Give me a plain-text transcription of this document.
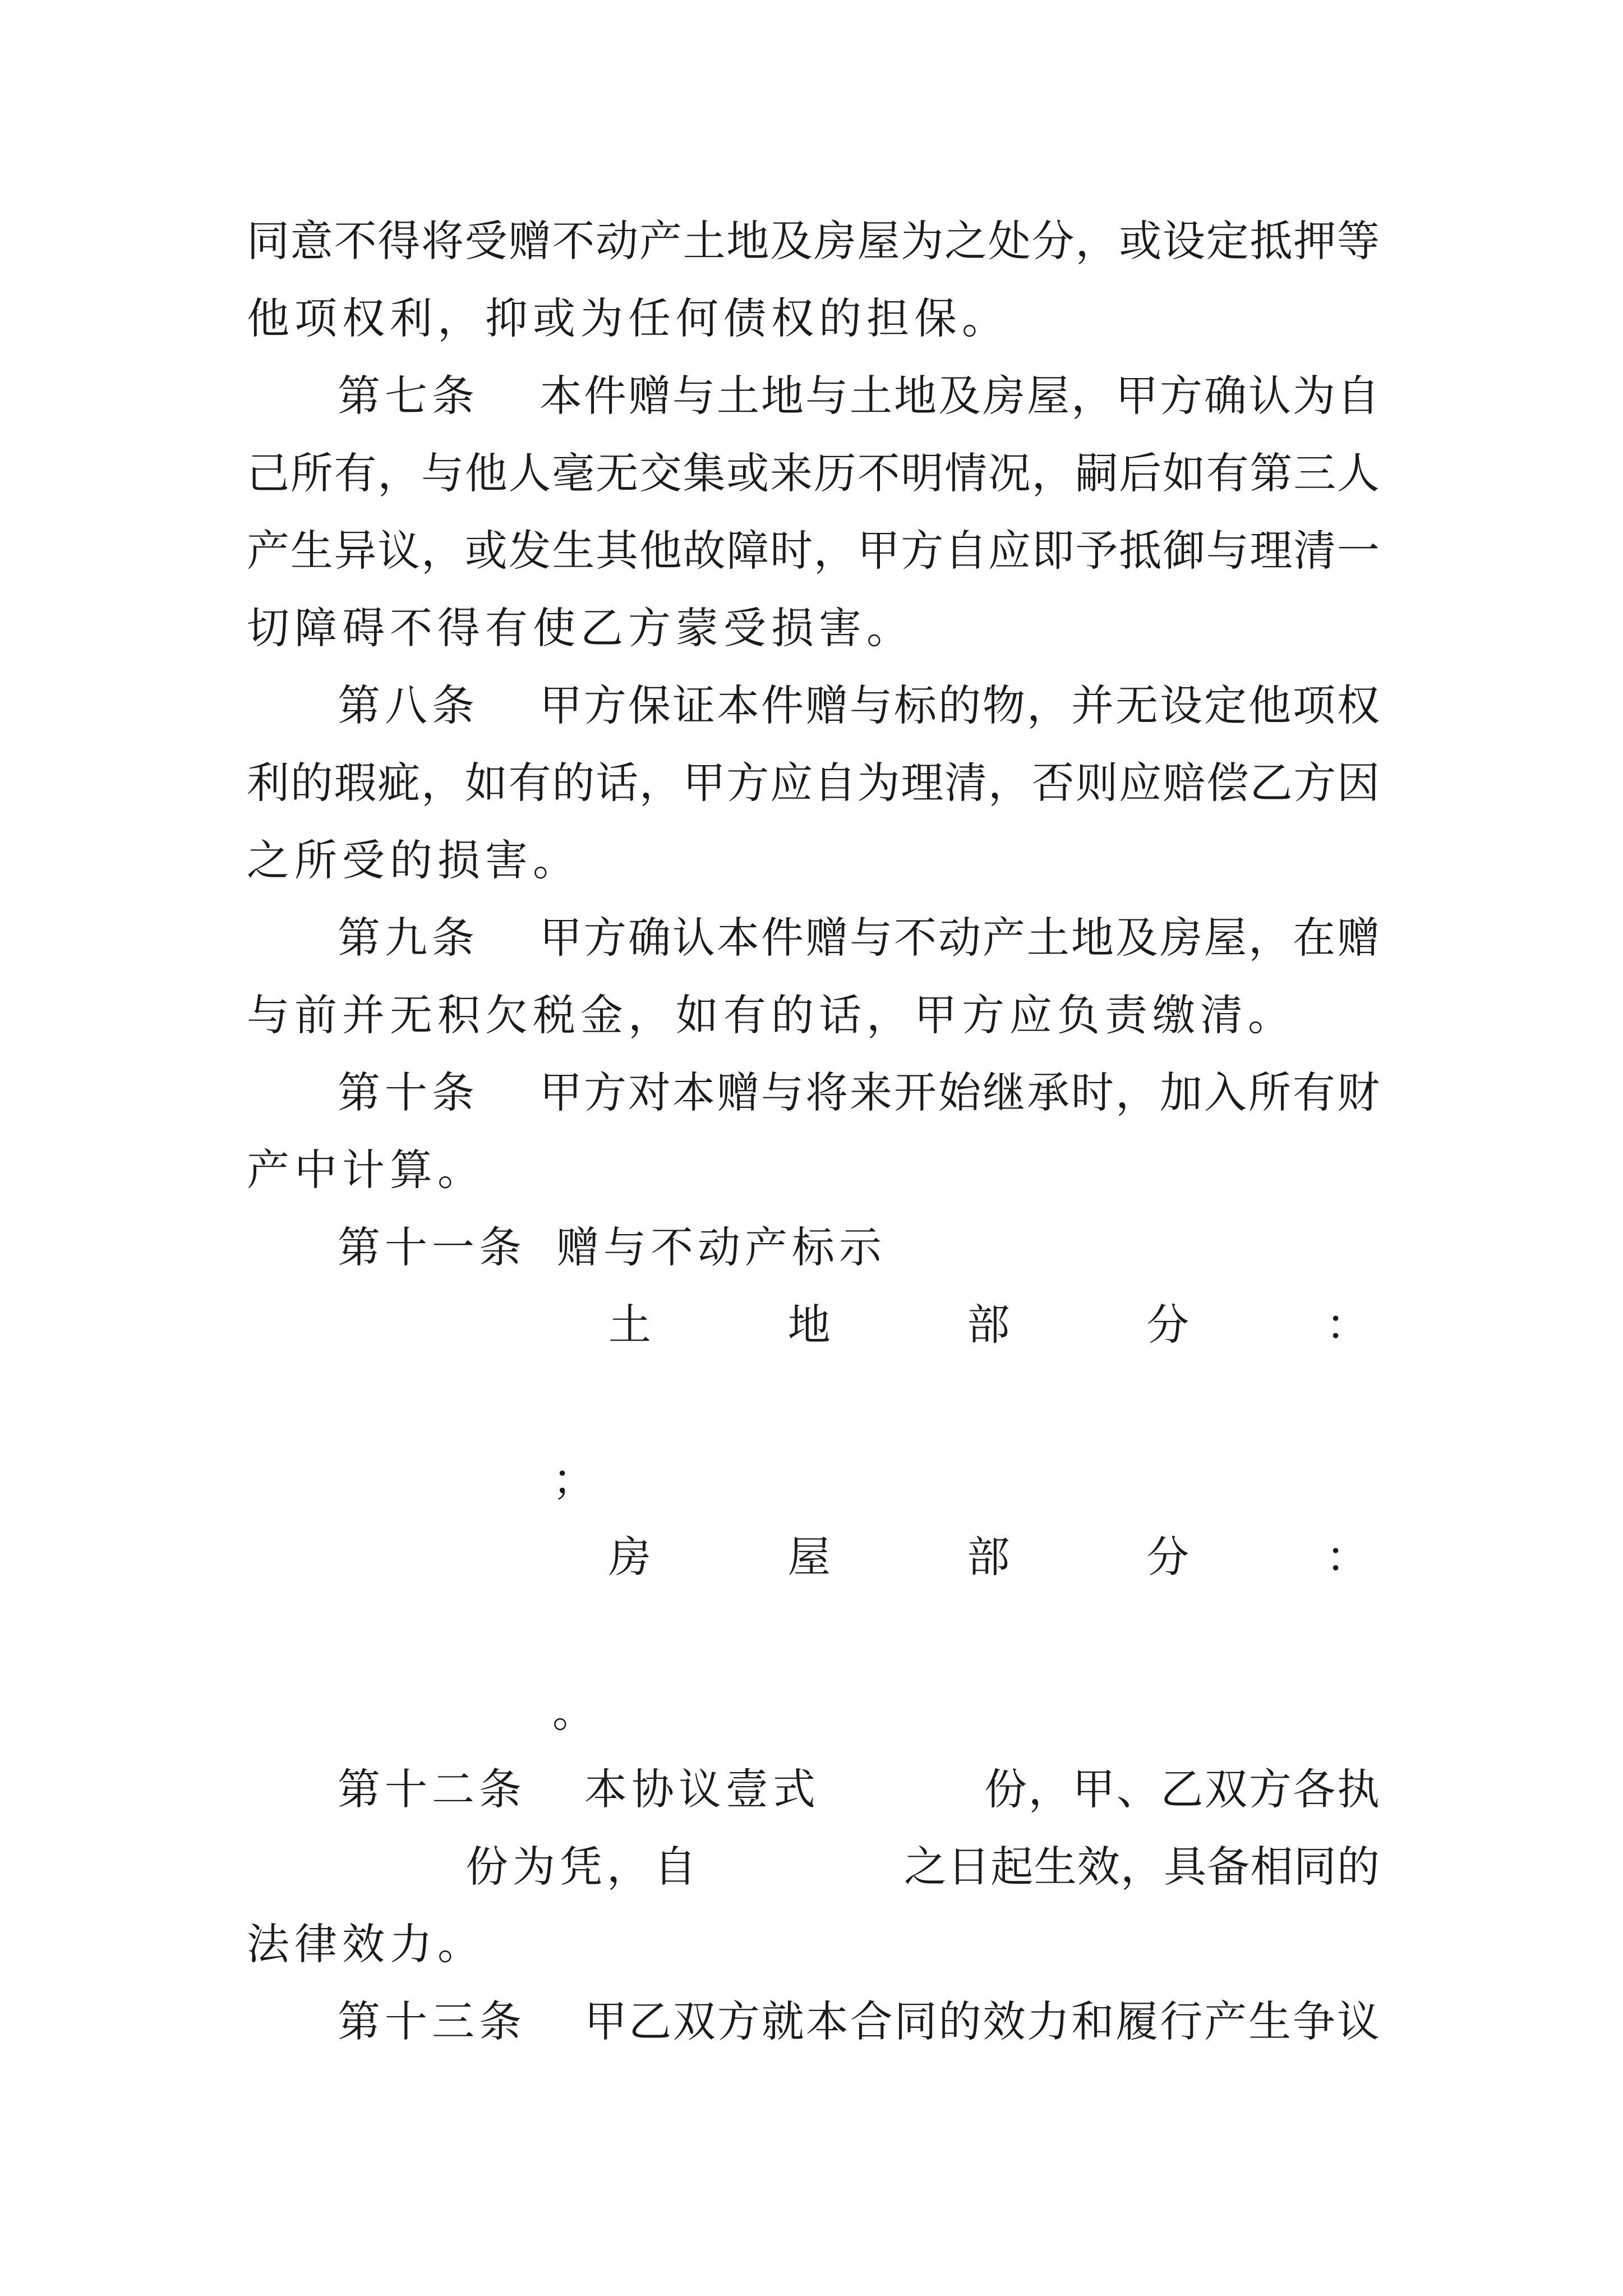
同意不得将受赠不动产土地及房屋为之处分，或设定抵押等
他项权利，抑或为任何债权的担保。
第七条 本件赠与土地与土地及房屋，甲方确认为自
己所有，与他人毫无交集或来历不明情况，嗣后如有第三人
产生异议，或发生其他故障时，甲方自应即予抵御与理清一
切障碍不得有使乙方蒙受损害。
第八条 甲方保证本件赠与标的物，并无设定他项权
利的瑕疵，如有的话，甲方应自为理清，否则应赔偿乙方因
之所受的损害。
第九条 甲方确认本件赠与不动产土地及房屋，在赠
与前并无积欠税金，如有的话，甲方应负责缴清。
第十条 甲方对本赠与将来开始继承时，加入所有财
产中计算。
第十一条 赠与不动产标示
土	地	部	分	：
；
房	屋	部	分	：
。
第十二条 本协议壹式	份，甲、乙双方各执
份为凭，自	之日起生效，具备相同的
法律效力。
第十三条 甲乙双方就本合同的效力和履行产生争议
